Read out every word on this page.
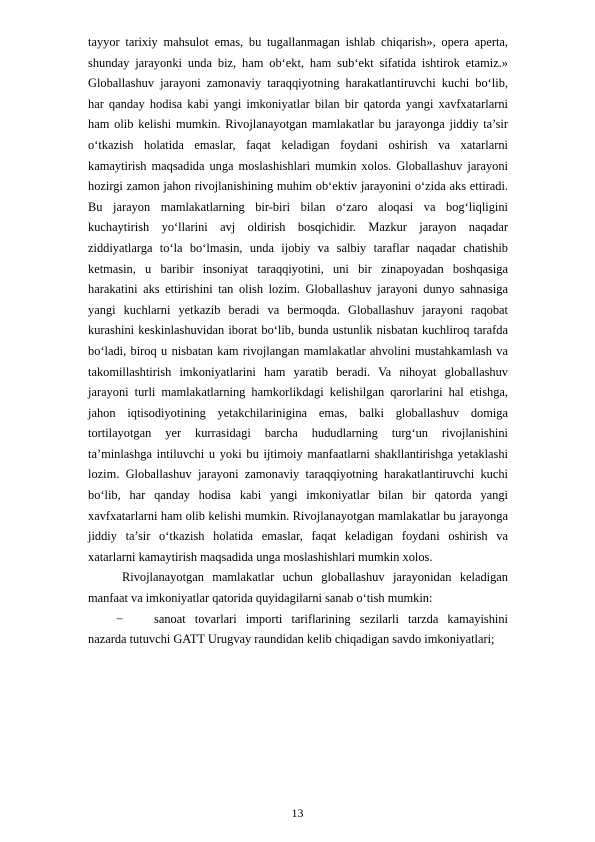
tayyor tarixiy mahsulot emas, bu tugallanmagan ishlab chiqarish», opera aperta, shunday jarayonki unda biz, ham ob‘ekt, ham sub‘ekt sifatida ishtirok etamiz.» Globallashuv jarayoni zamonaviy taraqqiyotning harakatlantiruvchi kuchi bo‘lib, har qanday hodisa kabi yangi imkoniyatlar bilan bir qatorda yangi xavfxatarlarni ham olib kelishi mumkin. Rivojlanayotgan mamlakatlar bu jarayonga jiddiy ta’sir o‘tkazish holatida emaslar, faqat keladigan foydani oshirish va xatarlarni kamaytirish maqsadida unga moslashishlari mumkin xolos. Globallashuv jarayoni hozirgi zamon jahon rivojlanishining muhim ob‘ektiv jarayonini o‘zida aks ettiradi. Bu jarayon mamlakatlarning bir-biri bilan o‘zaro aloqasi va bog‘liqligini kuchaytirish yo‘llarini avj oldirish bosqichidir. Mazkur jarayon naqadar ziddiyatlarga to‘la bo‘lmasin, unda ijobiy va salbiy taraflar naqadar chatishib ketmasin, u baribir insoniyat taraqqiyotini, uni bir zinapoyadan boshqasiga harakatini aks ettirishini tan olish lozim. Globallashuv jarayoni dunyo sahnasiga yangi kuchlarni yetkazib beradi va bermoqda. Globallashuv jarayoni raqobat kurashini keskinlashuvidan iborat bo‘lib, bunda ustunlik nisbatan kuchliroq tarafda bo‘ladi, biroq u nisbatan kam rivojlangan mamlakatlar ahvolini mustahkamlash va takomillashtirish imkoniyatlarini ham yaratib beradi. Va nihoyat globallashuv jarayoni turli mamlakatlarning hamkorlikdagi kelishilgan qarorlarini hal etishga, jahon iqtisodiyotining yetakchilarinigina emas, balki globallashuv domiga tortilayotgan yer kurrasidagi barcha hududlarning turg‘un rivojlanishini ta’minlashga intiluvchi u yoki bu ijtimoiy manfaatlarni shakllantirishga yetaklashi lozim. Globallashuv jarayoni zamonaviy taraqqiyotning harakatlantiruvchi kuchi bo‘lib, har qanday hodisa kabi yangi imkoniyatlar bilan bir qatorda yangi xavfxatarlarni ham olib kelishi mumkin. Rivojlanayotgan mamlakatlar bu jarayonga jiddiy ta’sir o‘tkazish holatida emaslar, faqat keladigan foydani oshirish va xatarlarni kamaytirish maqsadida unga moslashishlari mumkin xolos.

Rivojlanayotgan mamlakatlar uchun globallashuv jarayonidan keladigan manfaat va imkoniyatlar qatorida quyidagilarni sanab o‘tish mumkin:

−	sanoat tovarlari importi tariflarining sezilarli tarzda kamayishini nazarda tutuvchi GATT Urugvay raundidan kelib chiqadigan savdo imkoniyatlari;

13
